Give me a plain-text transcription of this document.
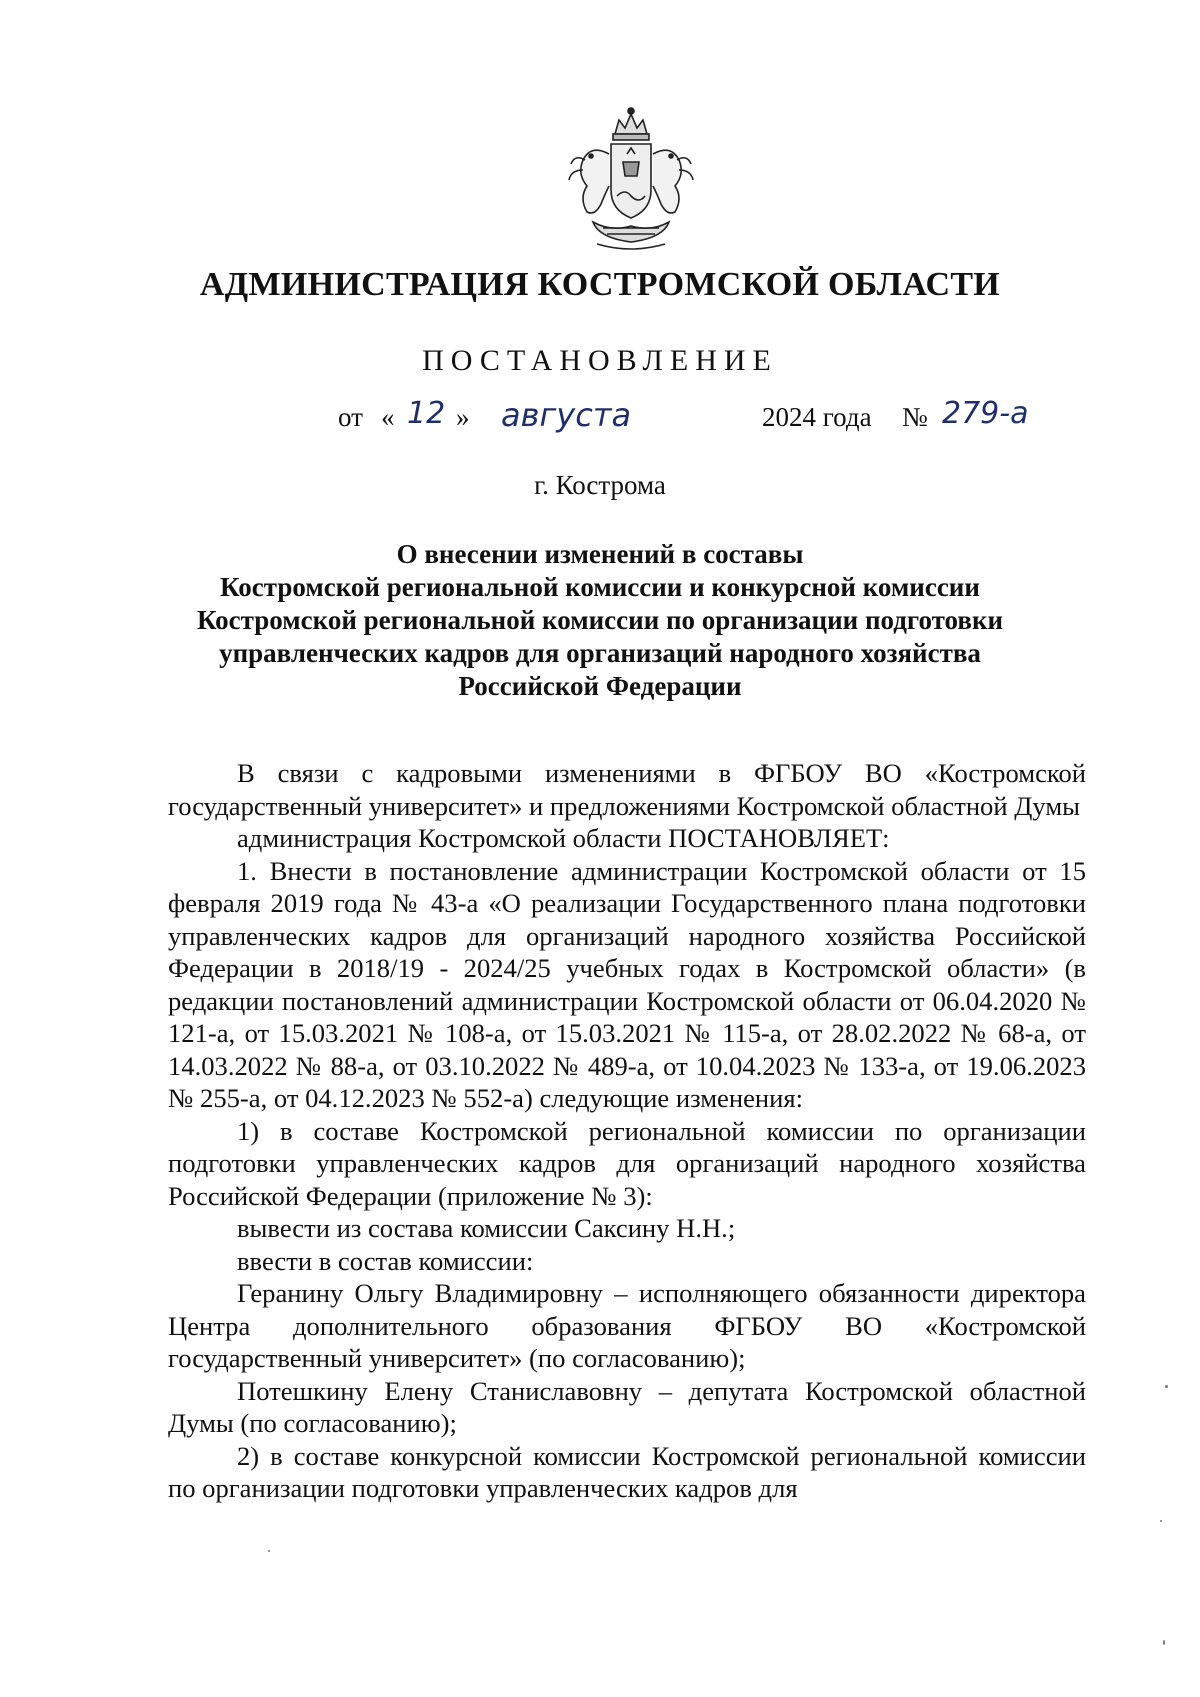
АДМИНИСТРАЦИЯ КОСТРОМСКОЙ ОБЛАСТИ
ПОСТАНОВЛЕНИЕ
от « 12 » августа	2024 года № 279-а
г. Кострома
О внесении изменений в составы
Костромской региональной комиссии и конкурсной комиссии
Костромской региональной комиссии по организации подготовки
управленческих кадров для организаций народного хозяйства
Российской Федерации

В связи с кадровыми изменениями в ФГБОУ ВО «Костромской государственный университет» и предложениями Костромской областной Думы

администрация Костромской области ПОСТАНОВЛЯЕТ:

1. Внести в постановление администрации Костромской области от 15 февраля 2019 года № 43-а «О реализации Государственного плана подготовки управленческих кадров для организаций народного хозяйства Российской Федерации в 2018/19 - 2024/25 учебных годах в Костромской области» (в редакции постановлений администрации Костромской области от 06.04.2020 № 121-а, от 15.03.2021 № 108-а, от 15.03.2021 № 115-а, от 28.02.2022 № 68-а, от 14.03.2022 № 88-а, от 03.10.2022 № 489-а, от 10.04.2023 № 133-а, от 19.06.2023 № 255-а, от 04.12.2023 № 552-а) следующие изменения:

1) в составе Костромской региональной комиссии по организации подготовки управленческих кадров для организаций народного хозяйства Российской Федерации (приложение № 3):

вывести из состава комиссии Саксину Н.Н.;

ввести в состав комиссии:

Геранину Ольгу Владимировну – исполняющего обязанности директора Центра дополнительного образования ФГБОУ ВО «Костромской государственный университет» (по согласованию);

Потешкину Елену Станиславовну – депутата Костромской областной Думы (по согласованию);

2) в составе конкурсной комиссии Костромской региональной комиссии по организации подготовки управленческих кадров для
